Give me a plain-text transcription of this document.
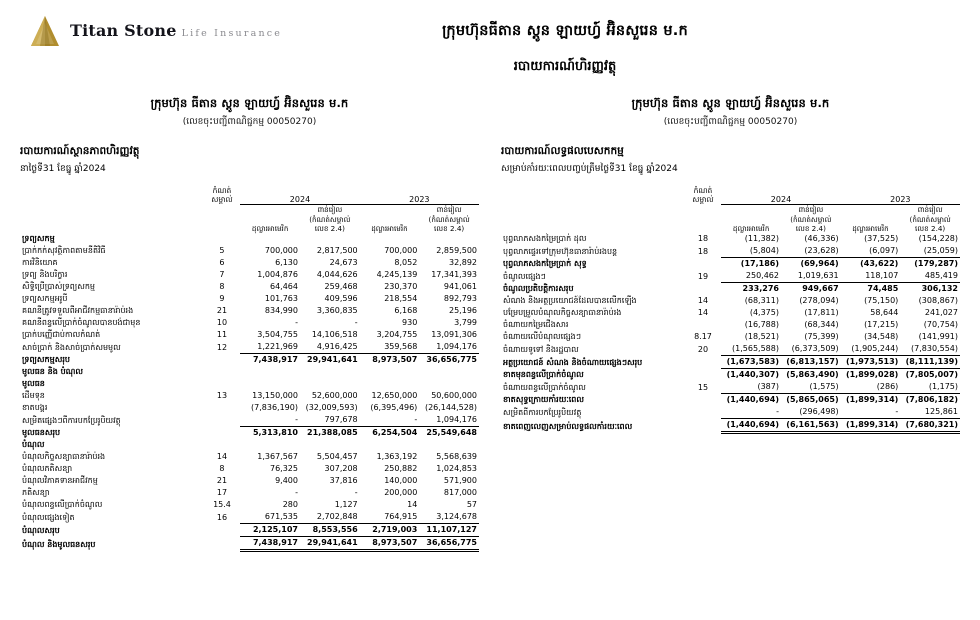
Titan Stone Life Insurance	ក្រុមហ៊ុនធីតាន ស្តូន ឡាយហ្វ៍ អ៊ិនសួរេន ម.ក
របាយការណ៍ហិរញ្ញវត្ថុ
ក្រុមហ៊ុន ធីតាន ស្តូន ឡាយហ្វ៍ អ៊ិនសួរេន ម.ក
(លេខចុះបញ្ជីពាណិជ្ជកម្ម 00050270)
របាយការណ៍ស្ថានភាពហិរញ្ញវត្ថុ
នាថ្ងៃទី31 ខែធ្នូ ឆ្នាំ2024
	កំណត់
សម្គាល់	2024		2023	

		ដុល្លារអាមេរិក	ពាន់រៀល
(កំណត់សម្គាល់
លេខ 2.4)	ដុល្លារអាមេរិក	ពាន់រៀល
(កំណត់សម្គាល់
លេខ 2.4)

ទ្រព្យសកម្ម					
ប្រាក់កក់សុវត្ថិភាពតាមនីតិវិធី	5	700,000	2,817,500	700,000	2,859,500
ការវិនិយោគ	6	6,130	24,673	8,052	32,892
ទ្រព្យ និងបរិក្ខារ	7	1,004,876	4,044,626	4,245,139	17,341,393
សិទ្ធិប្រើប្រាស់ទ្រព្យសកម្ម	8	64,464	259,468	230,370	941,061
ទ្រព្យសកម្មអរូបី	9	101,763	409,596	218,554	892,793
គណនីត្រូវទទួលពីអាជីវកម្មធានារ៉ាប់រង	21	834,990	3,360,835	6,168	25,196
គណនីពន្ធលើប្រាក់ចំណូលបានបង់ជាមុន	10	-	-	930	3,799
ប្រាក់បញ្ញើជាប់កាលកំណត់	11	3,504,755	14,106,518	3,204,755	13,091,306
សាច់ប្រាក់ និងសាច់ប្រាក់សមមូល	12	1,221,969	4,916,425	359,568	1,094,176
ទ្រព្យសកម្មសរុប		7,438,917	29,941,641	8,973,507	36,656,775
មូលធន និង បំណុល					
មូលធន					
ដើមទុន	13	13,150,000	52,600,000	12,650,000	50,600,000
ខាតបង្គរ		(7,836,190)	(32,009,593)	(6,395,496)	(26,144,528)
សម្រិតផ្សេងៗពីការបកប្រែរូបិយវត្ថុ		-	797,678	-	1,094,176
មូលធនសរុប		5,313,810	21,388,085	6,254,504	25,549,648
បំណុល					
បំណុលកិច្ចសន្យាធានារ៉ាប់រង	14	1,367,567	5,504,457	1,363,192	5,568,639
បំណុលភតិសន្យា	8	76,325	307,208	250,882	1,024,853
បំណុលវិភាគទានអាជីវកម្ម	21	9,400	37,816	140,000	571,900
ភតិសន្យា	17	-	-	200,000	817,000
បំណុលពន្ធលើប្រាក់ចំណូល	15.4	280	1,127	14	57
បំណុលផ្សេងទៀត	16	671,535	2,702,848	764,915	3,124,678
បំណុលសរុប		2,125,107	8,553,556	2,719,003	11,107,127
បំណុល និងមូលធនសរុប		7,438,917	29,941,641	8,973,507	36,656,775
ក្រុមហ៊ុន ធីតាន ស្តូន ឡាយហ្វ៍ អ៊ិនសួរេន ម.ក
(លេខចុះបញ្ជីពាណិជ្ជកម្ម 00050270)
របាយការណ៍លទ្ធផលបេសកកម្ម
សម្រាប់កាំរយៈពេលបញ្ចប់ត្រឹមថ្ងៃទី31 ខែធ្នូ ឆ្នាំ2024
	កំណត់
សម្គាល់	2024		2023	

		ដុល្លារអាមេរិក	ពាន់រៀល
(កំណត់សម្គាល់
លេខ 2.4)	ដុល្លារអាមេរិក	ពាន់រៀល
(កំណត់សម្គាល់
លេខ 2.4)

បុព្វលាភសងកម្រៃប្រាក់ ដុល	18	(11,382)	(46,336)	(37,525)	(154,228)
បុព្វលាភផ្ទេរទៅក្រុមហ៊ុនធានារ៉ាប់រងបន្ត	18	(5,804)	(23,628)	(6,097)	(25,059)
បុព្វលាភសងកម្រៃប្រាក់ សុទ្ធ		(17,186)	(69,964)	(43,622)	(179,287)
ចំណូលផ្សេងៗ	19	250,462	1,019,631	118,107	485,419
ចំណូលប្រតិបត្តិការសរុប		233,276	949,667	74,485	306,132
សំណង និងអត្ថប្រយោជន៍ដែលបានលើកឡើង	14	(68,311)	(278,094)	(75,150)	(308,867)
បម្រែបម្រួលបំណុលកិច្ចសន្យាធានារ៉ាប់រង	14	(4,375)	(17,811)	58,644	241,027
ចំណាយកម្រៃជើងសារ		(16,788)	(68,344)	(17,215)	(70,754)
ចំណាយលើបំណុលផ្សេងៗ	8.17	(18,521)	(75,399)	(34,548)	(141,991)
ចំណាយទូទៅ និងរដ្ឋបាល	20	(1,565,588)	(6,373,509)	(1,905,244)	(7,830,554)
អត្ថប្រយោជន៍ សំណង និងចំណាយផ្សេងៗសរុប		(1,673,583)	(6,813,157)	(1,973,513)	(8,111,139)
ខាតមុនពន្ធលើប្រាក់ចំណូល		(1,440,307)	(5,863,490)	(1,899,028)	(7,805,007)
ចំណាយពន្ធលើប្រាក់ចំណូល	15	(387)	(1,575)	(286)	(1,175)
ខាតសុទ្ធក្រោយកាំរយៈពេល		(1,440,694)	(5,865,065)	(1,899,314)	(7,806,182)
សម្រិតពីការបកប្រែរូបិយវត្ថុ		-	(296,498)	-	125,861
ខាតពេញលេញសម្រាប់លទ្ធផលកាំរយៈពេល		(1,440,694)	(6,161,563)	(1,899,314)	(7,680,321)
